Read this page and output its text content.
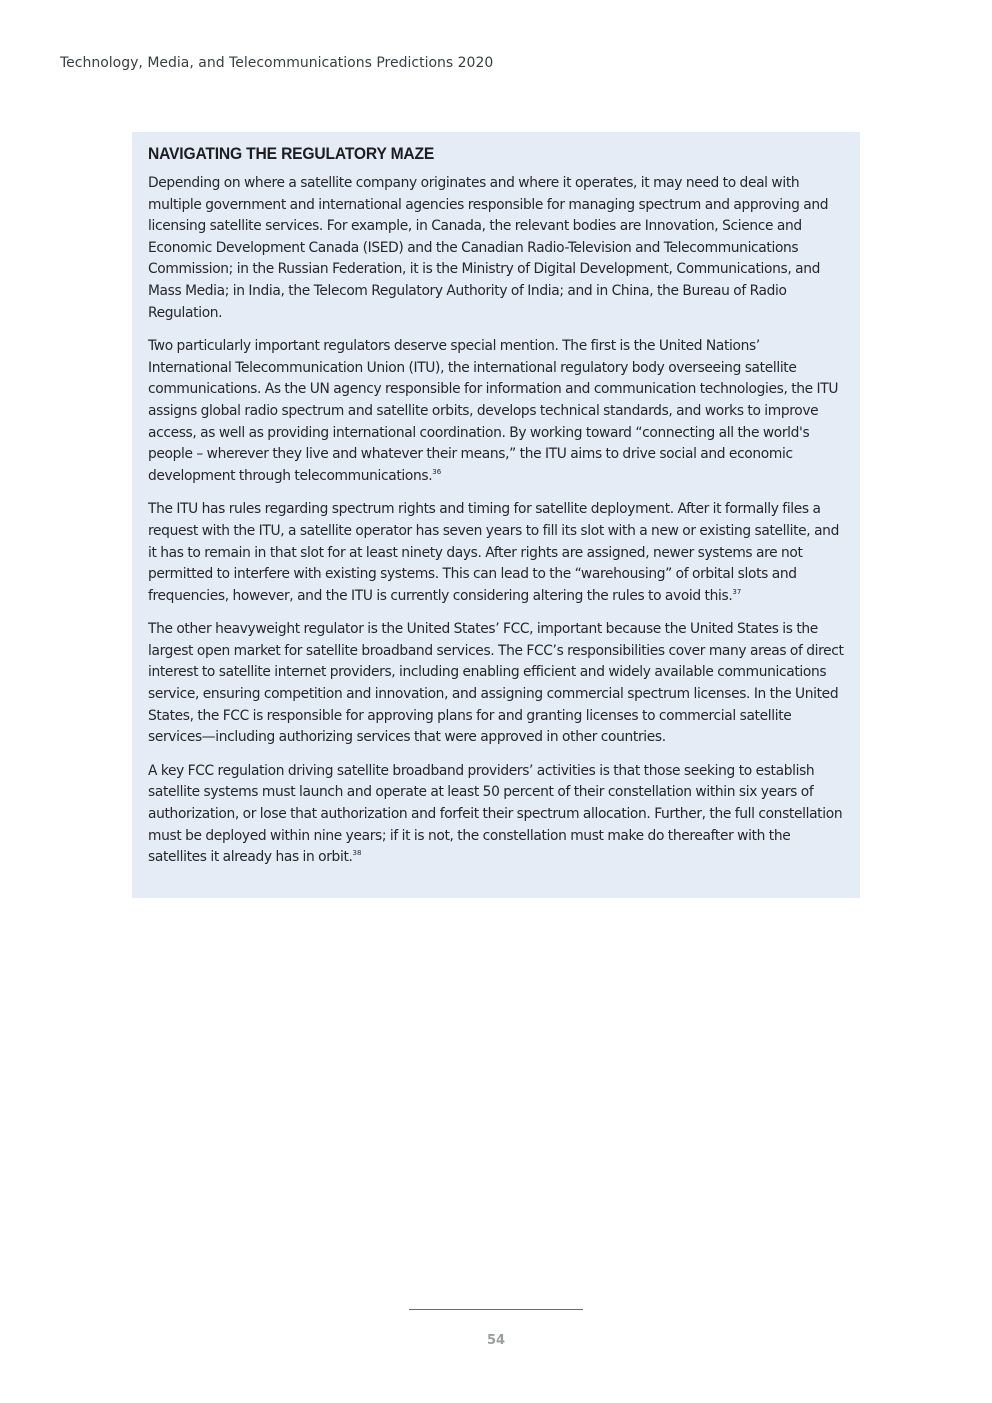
Technology, Media, and Telecommunications Predictions 2020
NAVIGATING THE REGULATORY MAZE

Depending on where a satellite company originates and where it operates, it may need to deal with multiple government and international agencies responsible for managing spectrum and approving and licensing satellite services. For example, in Canada, the relevant bodies are Innovation, Science and Economic Development Canada (ISED) and the Canadian Radio-Television and Telecommunications Commission; in the Russian Federation, it is the Ministry of Digital Development, Communications, and Mass Media; in India, the Telecom Regulatory Authority of India; and in China, the Bureau of Radio Regulation.

Two particularly important regulators deserve special mention. The first is the United Nations’ International Telecommunication Union (ITU), the international regulatory body overseeing satellite communications. As the UN agency responsible for information and communication technologies, the ITU assigns global radio spectrum and satellite orbits, develops technical standards, and works to improve access, as well as providing international coordination. By working toward “connecting all the world's people – wherever they live and whatever their means,” the ITU aims to drive social and economic development through telecommunications.$^{36}$

The ITU has rules regarding spectrum rights and timing for satellite deployment. After it formally files a request with the ITU, a satellite operator has seven years to fill its slot with a new or existing satellite, and it has to remain in that slot for at least ninety days. After rights are assigned, newer systems are not permitted to interfere with existing systems. This can lead to the “warehousing” of orbital slots and frequencies, however, and the ITU is currently considering altering the rules to avoid this.$^{37}$

The other heavyweight regulator is the United States’ FCC, important because the United States is the largest open market for satellite broadband services. The FCC’s responsibilities cover many areas of direct interest to satellite internet providers, including enabling efficient and widely available communications service, ensuring competition and innovation, and assigning commercial spectrum licenses. In the United States, the FCC is responsible for approving plans for and granting licenses to commercial satellite services—including authorizing services that were approved in other countries.

A key FCC regulation driving satellite broadband providers’ activities is that those seeking to establish satellite systems must launch and operate at least 50 percent of their constellation within six years of authorization, or lose that authorization and forfeit their spectrum allocation. Further, the full constellation must be deployed within nine years; if it is not, the constellation must make do thereafter with the satellites it already has in orbit.$^{38}$

54
